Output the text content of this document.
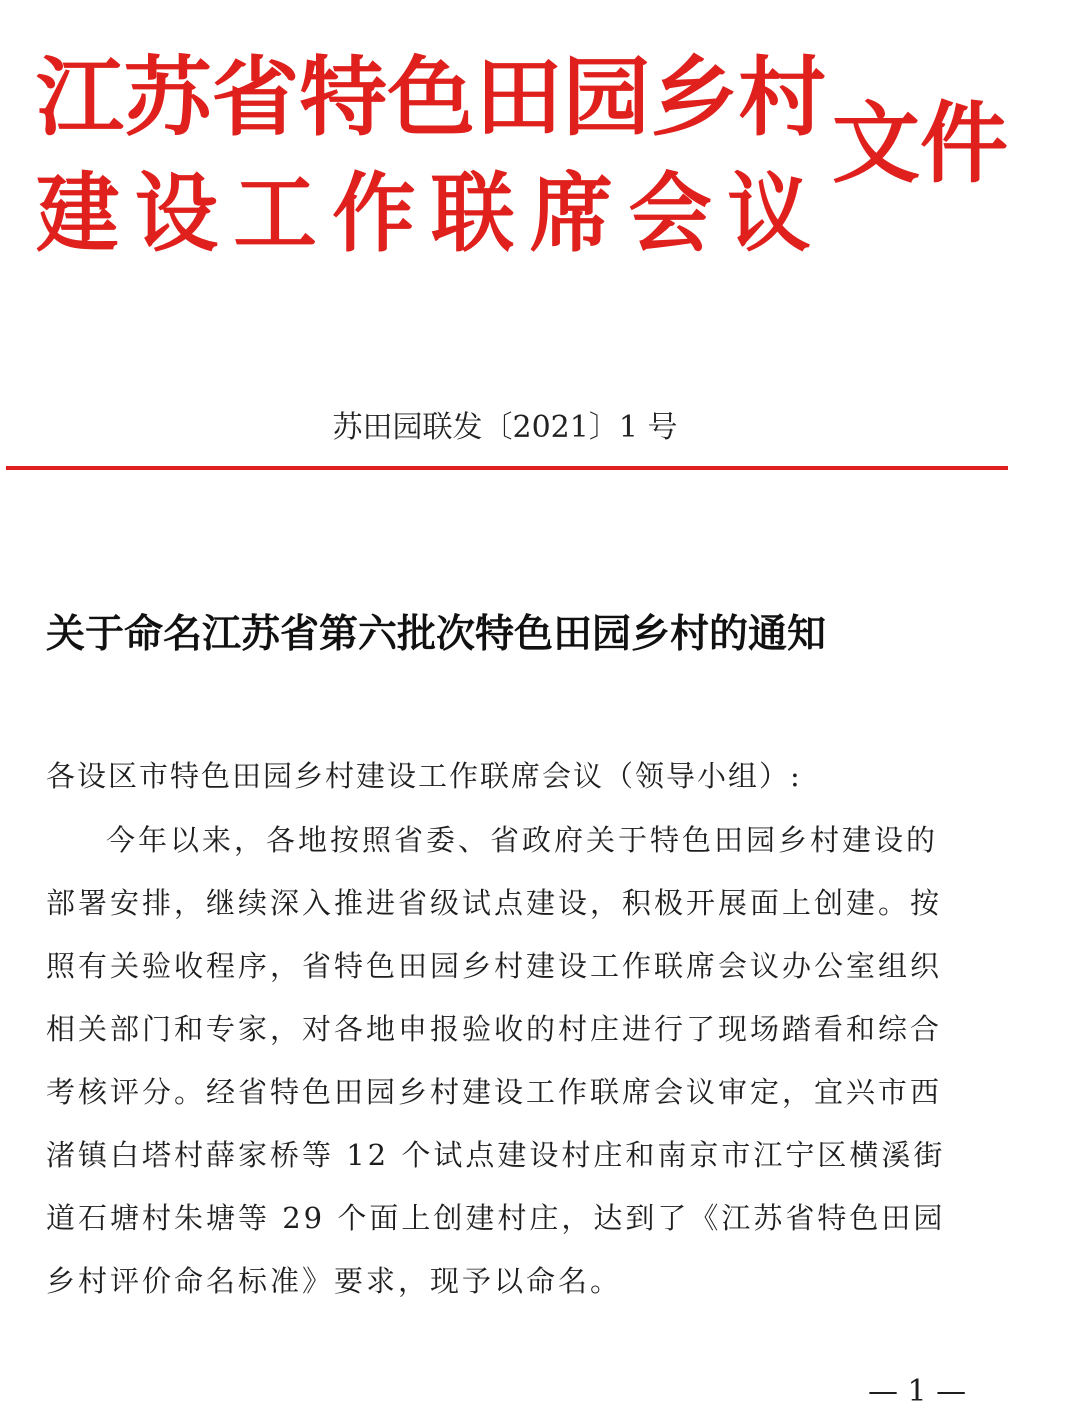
江苏省特色田园乡村
建设工作联席会议
文件
苏田园联发〔2021〕1 号
关于命名江苏省第六批次特色田园乡村的通知
各设区市特色田园乡村建设工作联席会议（领导小组）:
今年以来，各地按照省委、省政府关于特色田园乡村建设的
部署安排，继续深入推进省级试点建设，积极开展面上创建。按
照有关验收程序，省特色田园乡村建设工作联席会议办公室组织
相关部门和专家，对各地申报验收的村庄进行了现场踏看和综合
考核评分。经省特色田园乡村建设工作联席会议审定，宜兴市西
渚镇白塔村薛家桥等 12 个试点建设村庄和南京市江宁区横溪街
道石塘村朱塘等 29 个面上创建村庄，达到了《江苏省特色田园
乡村评价命名标准》要求，现予以命名。
— 1 —
